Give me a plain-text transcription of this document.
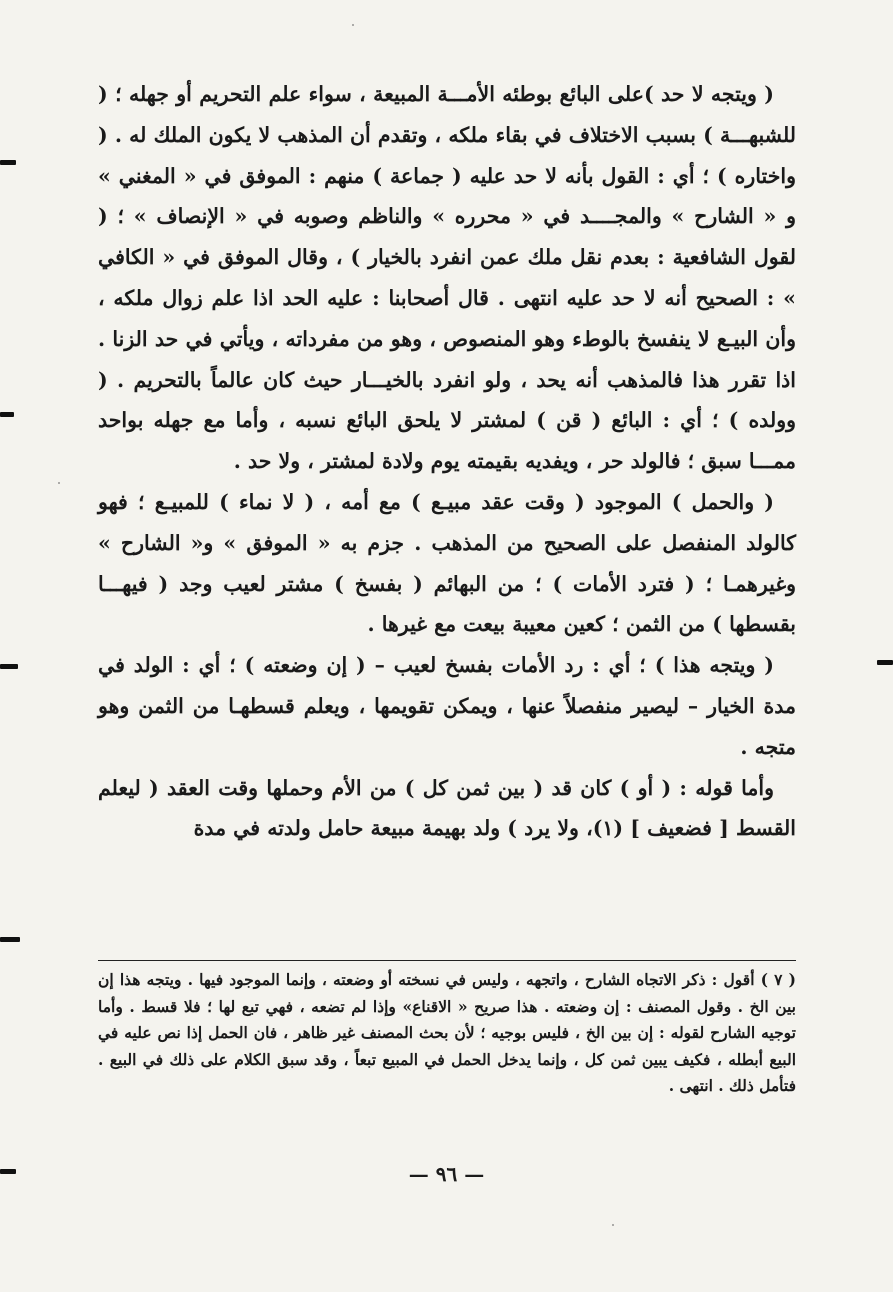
( ويتجه لا حد )على البائع بوطئه الأمـــة المبيعة ، سواء علم التحريم أو جهله ؛ ( للشبهـــة ) بسبب الاختلاف في بقاء ملكه ، وتقدم أن المذهب لا يكون الملك له . ( واختاره ) ؛ أي : القول بأنه لا حد عليه ( جماعة ) منهم : الموفق في « المغني » و « الشارح » والمجــــد في « محرره » والناظم وصوبه في « الإنصاف » ؛ ( لقول الشافعية : بعدم نقل ملك عمن انفرد بالخيار ) ، وقال الموفق في « الكافي » : الصحيح أنه لا حد عليه انتهى . قال أصحابنا : عليه الحد اذا علم زوال ملكه ، وأن البيـع لا ينفسخ بالوطء وهو المنصوص ، وهو من مفرداته ، ويأتي في حد الزنا . اذا تقرر هذا فالمذهب أنه يحد ، ولو انفرد بالخيـــار حيث كان عالماً بالتحريم . ( وولده ) ؛ أي : البائع ( قن ) لمشتر لا يلحق البائع نسبه ، وأما مع جهله بواحد ممـــا سبق ؛ فالولد حر ، ويفديه بقيمته يوم ولادة لمشتر ، ولا حد .

( والحمل ) الموجود ( وقت عقد مبيـع ) مع أمه ، ( لا نماء ) للمبيـع ؛ فهو كالولد المنفصل على الصحيح من المذهب . جزم به « الموفق » و« الشارح » وغيرهمـا ؛ ( فترد الأمات ) ؛ من البهائم ( بفسخ ) مشتر لعيب وجد ( فيهـــا بقسطها ) من الثمن ؛ كعين معيبة بيعت مع غيرها .

( ويتجه هذا ) ؛ أي : رد الأمات بفسخ لعيب – ( إن وضعته ) ؛ أي : الولد في مدة الخيار – ليصير منفصلاً عنها ، ويمكن تقويمها ، ويعلم قسطهـا من الثمن وهو متجه .

وأما قوله : ( أو ) كان قد ( بين ثمن كل ) من الأم وحملها وقت العقد ( ليعلم القسط [ فضعيف ] (١)، ولا يرد ) ولد بهيمة مبيعة حامل ولدته في مدة

( ٧ ) أقول : ذكر الاتجاه الشارح ، واتجهه ، وليس في نسخته أو وضعته ، وإنما الموجود فيها . ويتجه هذا إن بين الخ . وقول المصنف : إن وضعته . هذا صريح « الاقناع» وإذا لم تضعه ، فهي تبع لها ؛ فلا قسط . وأما توجيه الشارح لقوله : إن بين الخ ، فليس بوجيه ؛ لأن بحث المصنف غير ظاهر ، فان الحمل إذا نص عليه في البيع أبطله ، فكيف يبين ثمن كل ، وإنما يدخل الحمل في المبيع تبعاً ، وقد سبق الكلام على ذلك في البيع . فتأمل ذلك . انتهى .

— ٩٦ —
